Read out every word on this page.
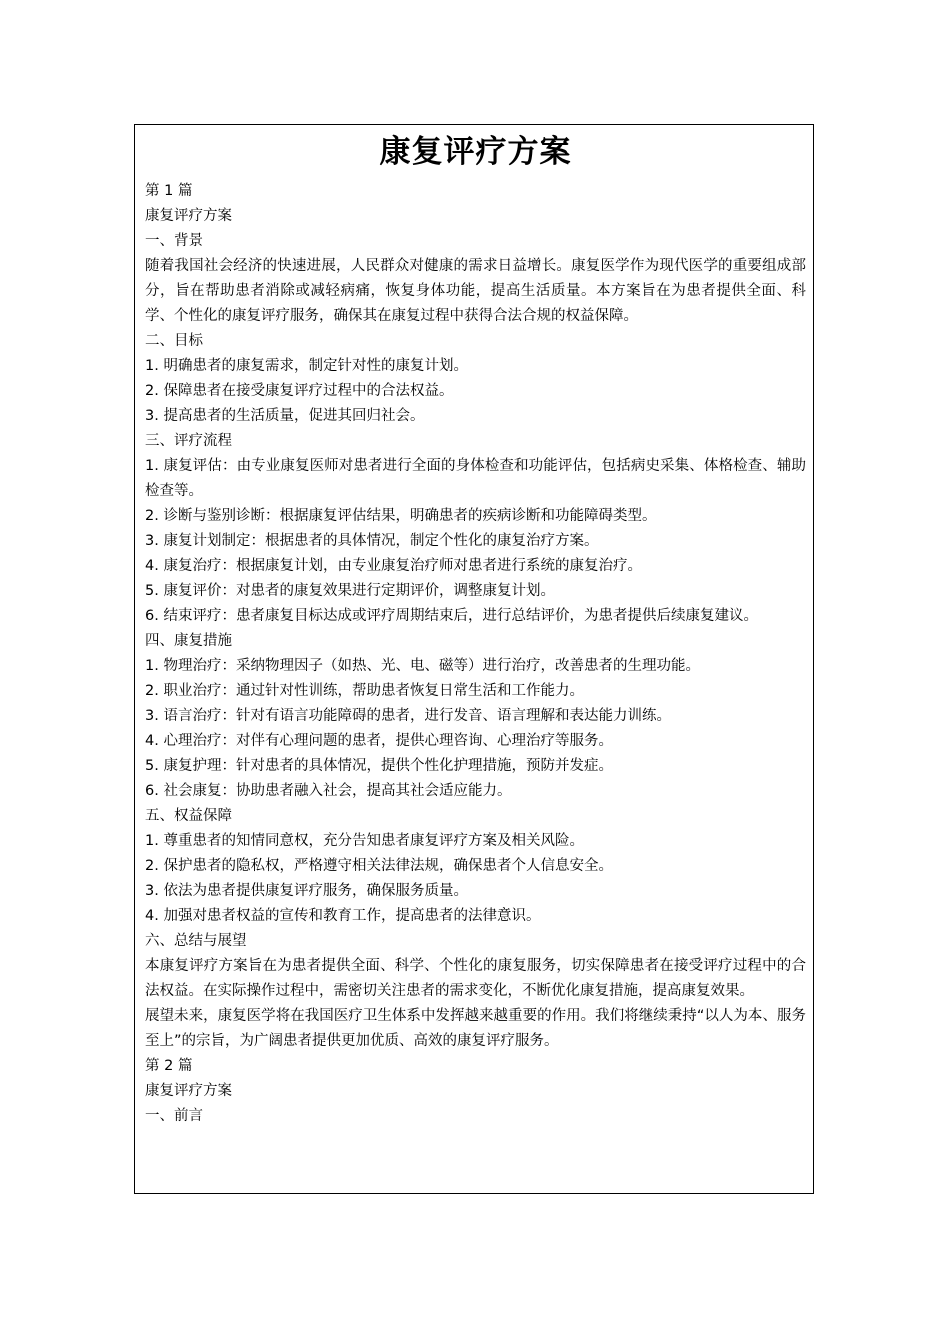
康复评疗方案
第 1 篇
康复评疗方案
一、背景
随着我国社会经济的快速进展，人民群众对健康的需求日益增长。康复医学作为现代医学的重要组成部分，旨在帮助患者消除或减轻病痛，恢复身体功能，提高生活质量。本方案旨在为患者提供全面、科学、个性化的康复评疗服务，确保其在康复过程中获得合法合规的权益保障。
二、目标
1. 明确患者的康复需求，制定针对性的康复计划。
2. 保障患者在接受康复评疗过程中的合法权益。
3. 提高患者的生活质量，促进其回归社会。
三、评疗流程
1. 康复评估：由专业康复医师对患者进行全面的身体检查和功能评估，包括病史采集、体格检查、辅助检查等。
2. 诊断与鉴别诊断：根据康复评估结果，明确患者的疾病诊断和功能障碍类型。
3. 康复计划制定：根据患者的具体情况，制定个性化的康复治疗方案。
4. 康复治疗：根据康复计划，由专业康复治疗师对患者进行系统的康复治疗。
5. 康复评价：对患者的康复效果进行定期评价，调整康复计划。
6. 结束评疗：患者康复目标达成或评疗周期结束后，进行总结评价，为患者提供后续康复建议。
四、康复措施
1. 物理治疗：采纳物理因子（如热、光、电、磁等）进行治疗，改善患者的生理功能。
2. 职业治疗：通过针对性训练，帮助患者恢复日常生活和工作能力。
3. 语言治疗：针对有语言功能障碍的患者，进行发音、语言理解和表达能力训练。
4. 心理治疗：对伴有心理问题的患者，提供心理咨询、心理治疗等服务。
5. 康复护理：针对患者的具体情况，提供个性化护理措施，预防并发症。
6. 社会康复：协助患者融入社会，提高其社会适应能力。
五、权益保障
1. 尊重患者的知情同意权，充分告知患者康复评疗方案及相关风险。
2. 保护患者的隐私权，严格遵守相关法律法规，确保患者个人信息安全。
3. 依法为患者提供康复评疗服务，确保服务质量。
4. 加强对患者权益的宣传和教育工作，提高患者的法律意识。
六、总结与展望
本康复评疗方案旨在为患者提供全面、科学、个性化的康复服务，切实保障患者在接受评疗过程中的合法权益。在实际操作过程中，需密切关注患者的需求变化，不断优化康复措施，提高康复效果。
展望未来，康复医学将在我国医疗卫生体系中发挥越来越重要的作用。我们将继续秉持“以人为本、服务至上”的宗旨，为广阔患者提供更加优质、高效的康复评疗服务。
第 2 篇
康复评疗方案
一、前言
